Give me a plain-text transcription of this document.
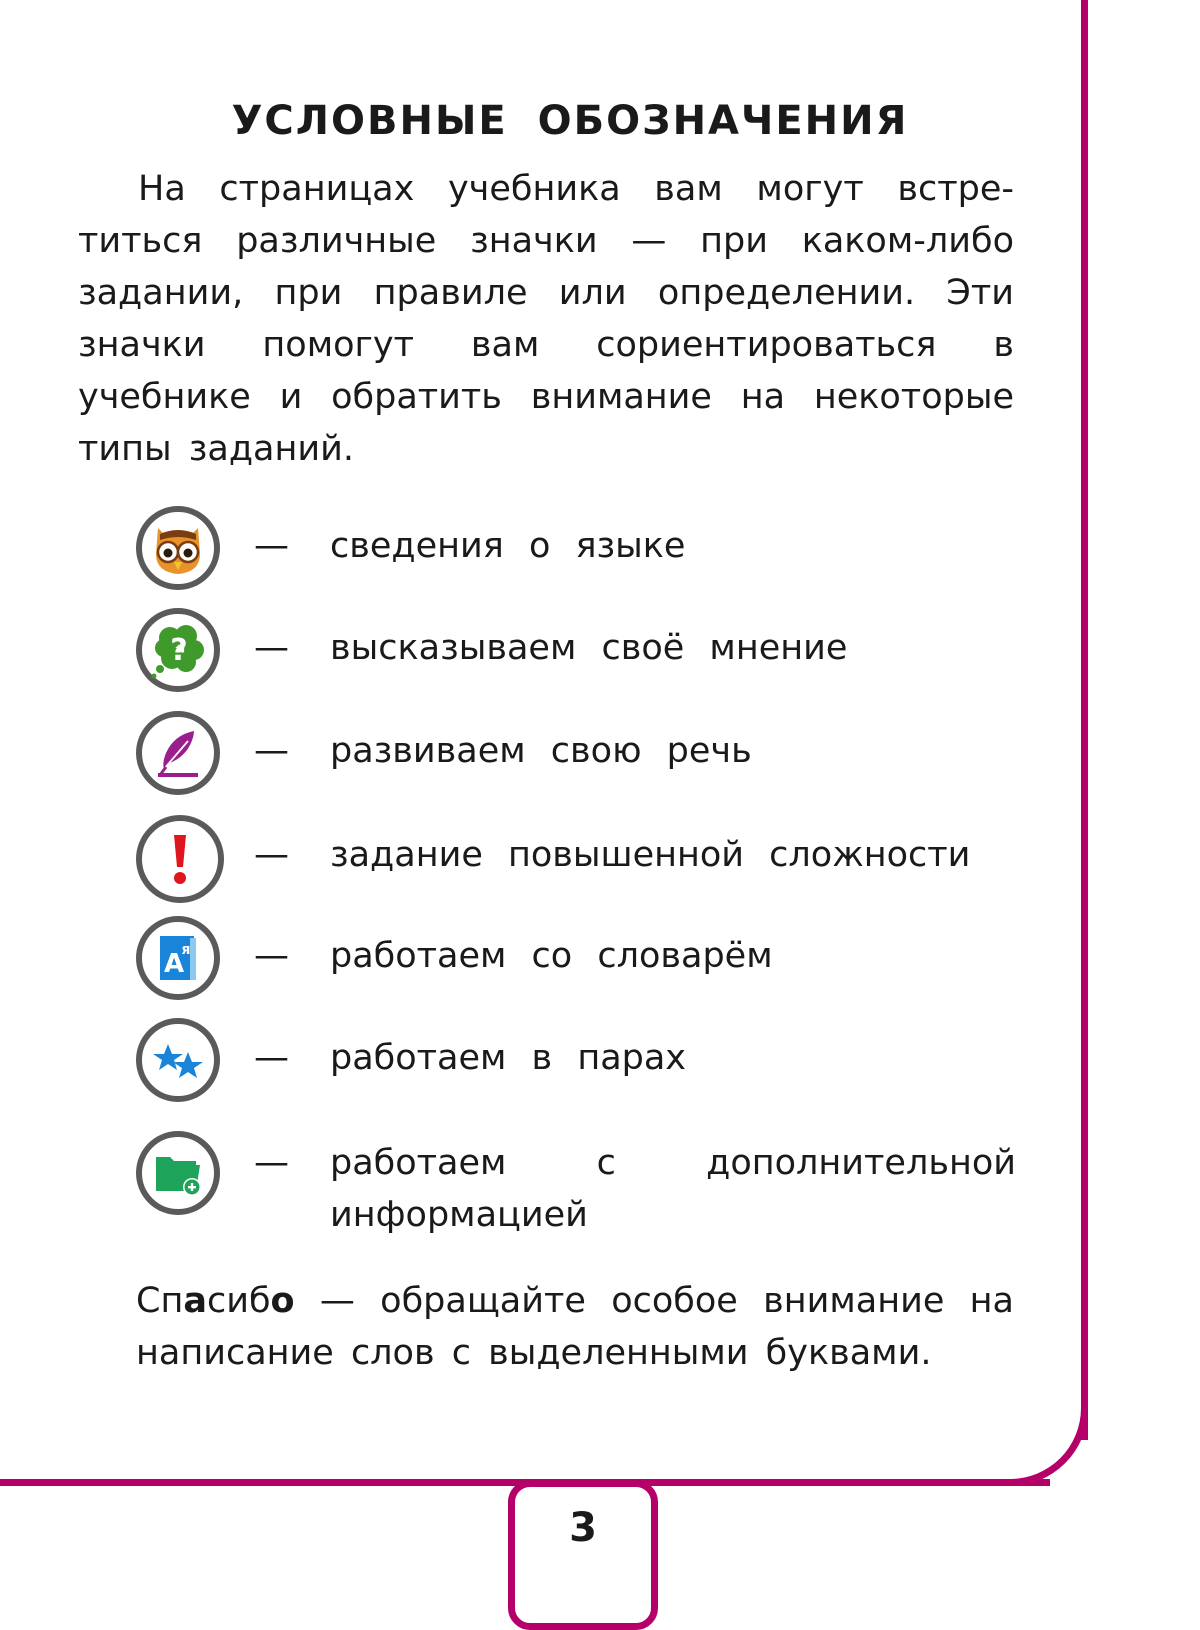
3
УСЛОВНЫЕ ОБОЗНАЧЕНИЯ

На страницах учебника вам могут встретиться различные значки — при каком-либо задании, при правиле или определении. Эти значки помогут вам сориентироваться в учебнике и обратить внимание на некоторые типы заданий.

— сведения о языке
? — высказываем своё мнение
— развиваем свою речь
— задание повышенной сложности
А
я — работаем со словарём
— работаем в парах
— работаем с дополнительной информацией

Спасибо — обращайте особое внимание на написание слов с выделенными буквами.
